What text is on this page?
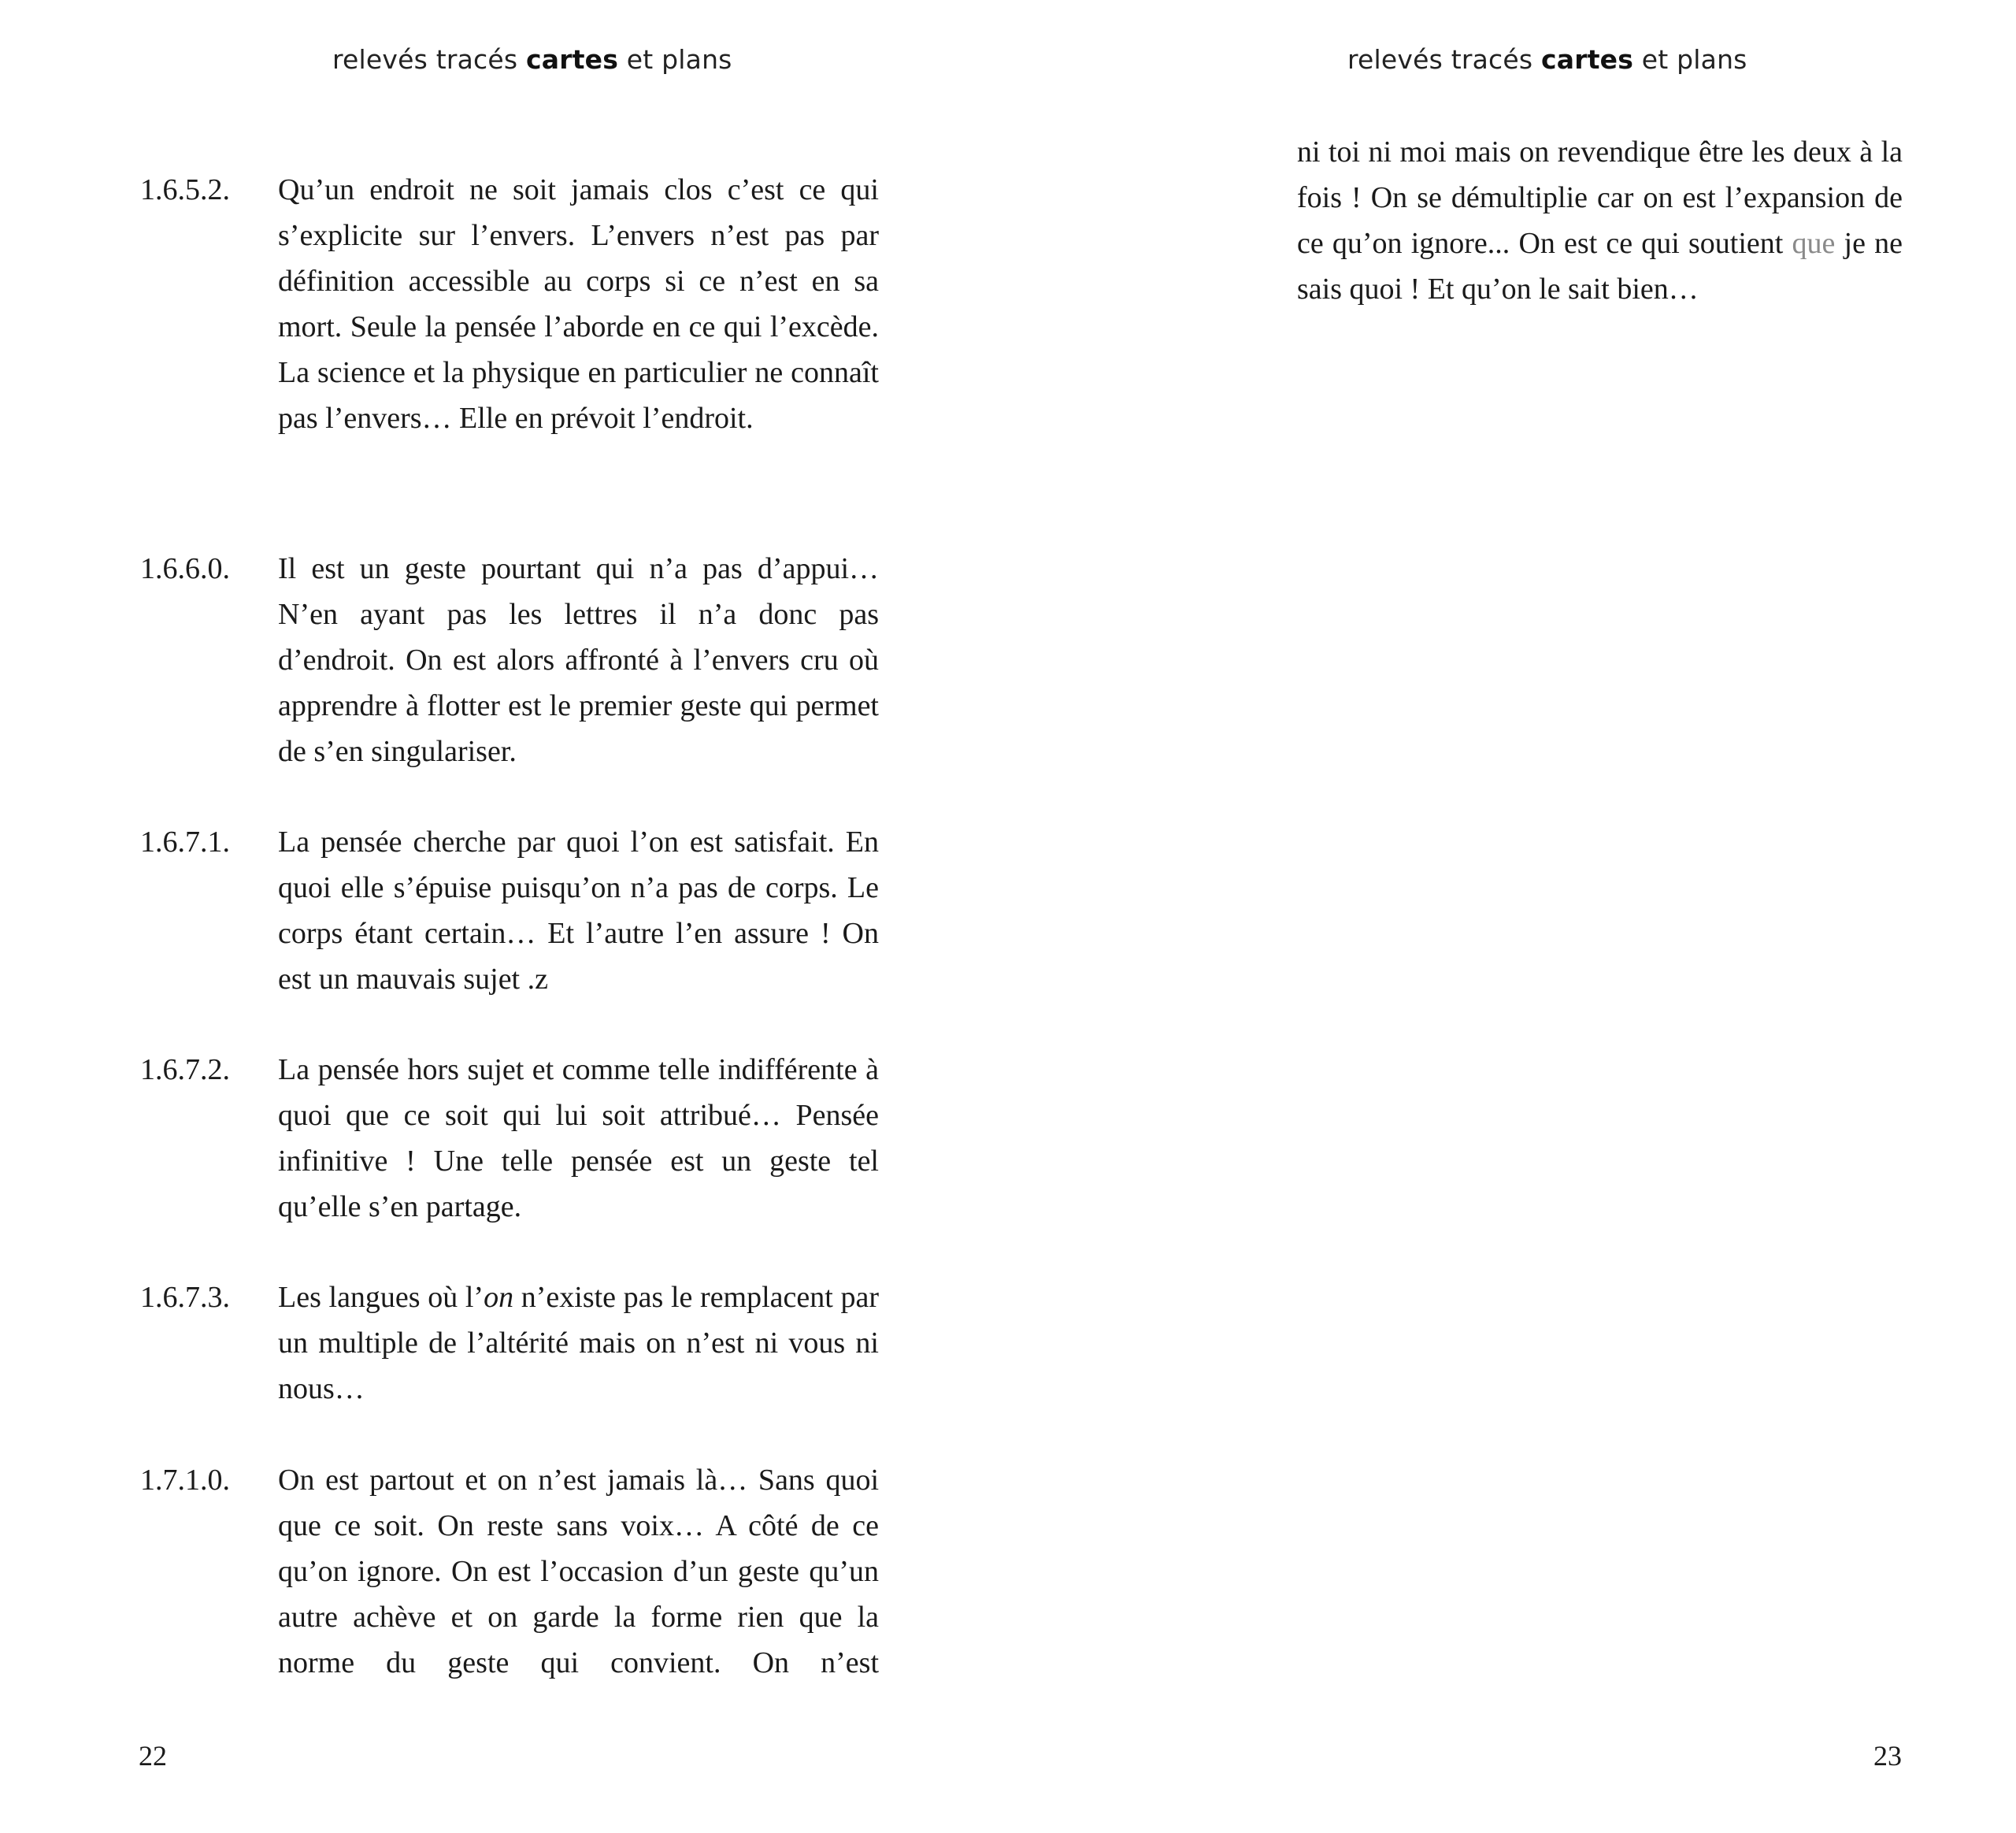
relevés tracés cartes et plans
1.6.5.2.	Qu’un endroit ne soit jamais clos c’est ce qui s’explicite sur l’envers. L’envers n’est pas par définition accessible au corps si ce n’est en sa mort. Seule la pensée l’aborde en ce qui l’excède. La science et la physique en particulier ne connaît pas l’envers… Elle en prévoit l’endroit.
1.6.6.0.	Il est un geste pourtant qui n’a pas d’appui… N’en ayant pas les lettres il n’a donc pas d’endroit. On est alors affronté à l’envers cru où apprendre à flotter est le premier geste qui permet de s’en singulariser.
1.6.7.1.	La pensée cherche par quoi l’on est satisfait. En quoi elle s’épuise puisqu’on n’a pas de corps. Le corps étant certain… Et l’autre l’en assure ! On est un mauvais sujet .z
1.6.7.2.	La pensée hors sujet et comme telle indifférente à quoi que ce soit qui lui soit attribué… Pensée infinitive ! Une telle pensée est un geste tel qu’elle s’en partage.
1.6.7.3.	Les langues où l’on n’existe pas le remplacent par un multiple de l’altérité mais on n’est ni vous ni nous…
1.7.1.0.	On est partout et on n’est jamais là… Sans quoi que ce soit. On reste sans voix… A côté de ce qu’on ignore. On est l’occasion d’un geste qu’un autre achève et on garde la forme rien que la norme du geste qui convient. On n’est
22
relevés tracés cartes et plans
ni toi ni moi mais on revendique être les deux à la fois ! On se démultiplie car on est l’expansion de ce qu’on ignore... On est ce qui soutient que je ne sais quoi ! Et qu’on le sait bien…
23
